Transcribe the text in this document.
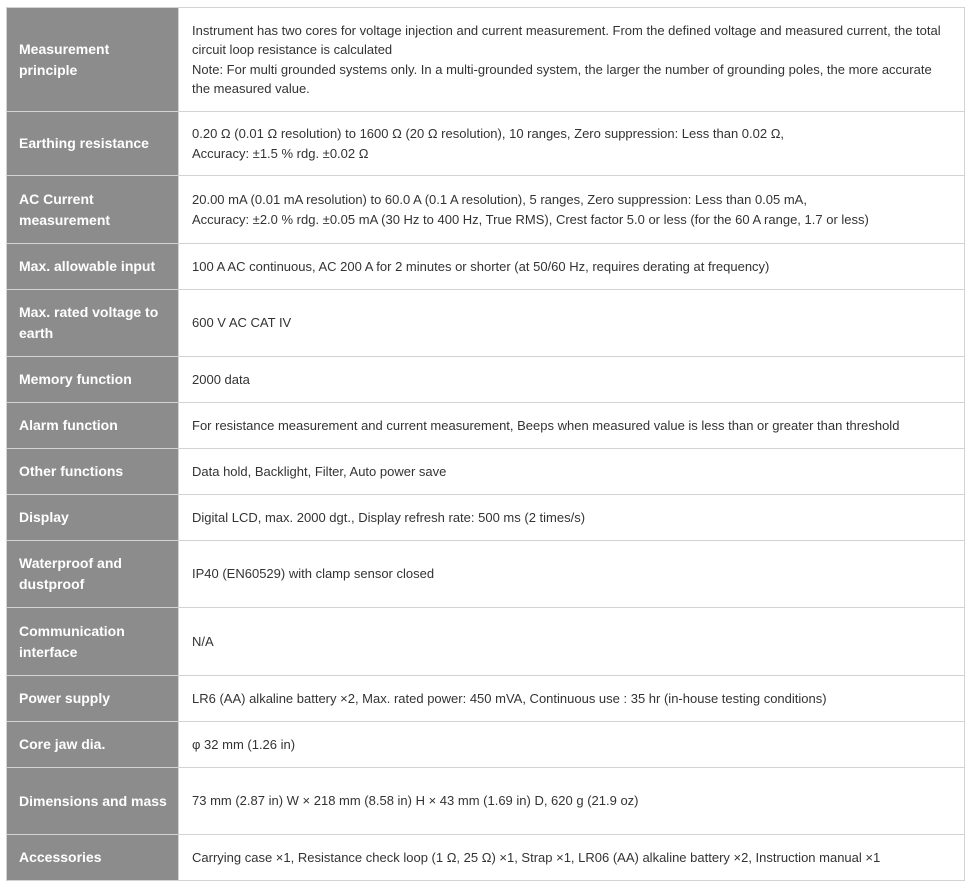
Measurement principle	Instrument has two cores for voltage injection and current measurement. From the defined voltage and measured current, the total circuit loop resistance is calculated
Note: For multi grounded systems only. In a multi-grounded system, the larger the number of grounding poles, the more accurate the measured value.

Earthing resistance	0.20 Ω (0.01 Ω resolution) to 1600 Ω (20 Ω resolution), 10 ranges, Zero suppression: Less than 0.02 Ω,
Accuracy: ±1.5 % rdg. ±0.02 Ω

AC Current measurement	20.00 mA (0.01 mA resolution) to 60.0 A (0.1 A resolution), 5 ranges, Zero suppression: Less than 0.05 mA,
Accuracy: ±2.0 % rdg. ±0.05 mA (30 Hz to 400 Hz, True RMS), Crest factor 5.0 or less (for the 60 A range, 1.7 or less)

Max. allowable input	100 A AC continuous, AC 200 A for 2 minutes or shorter (at 50/60 Hz, requires derating at frequency)

Max. rated voltage to earth	600 V AC CAT IV

Memory function	2000 data

Alarm function	For resistance measurement and current measurement, Beeps when measured value is less than or greater than threshold

Other functions	Data hold, Backlight, Filter, Auto power save

Display	Digital LCD, max. 2000 dgt., Display refresh rate: 500 ms (2 times/s)

Waterproof and dustproof	IP40 (EN60529) with clamp sensor closed

Communication interface	N/A

Power supply	LR6 (AA) alkaline battery ×2, Max. rated power: 450 mVA, Continuous use : 35 hr (in-house testing conditions)

Core jaw dia.	φ 32 mm (1.26 in)

Dimensions and mass	73 mm (2.87 in) W × 218 mm (8.58 in) H × 43 mm (1.69 in) D, 620 g (21.9 oz)

Accessories	Carrying case ×1, Resistance check loop (1 Ω, 25 Ω) ×1, Strap ×1, LR06 (AA) alkaline battery ×2, Instruction manual ×1
